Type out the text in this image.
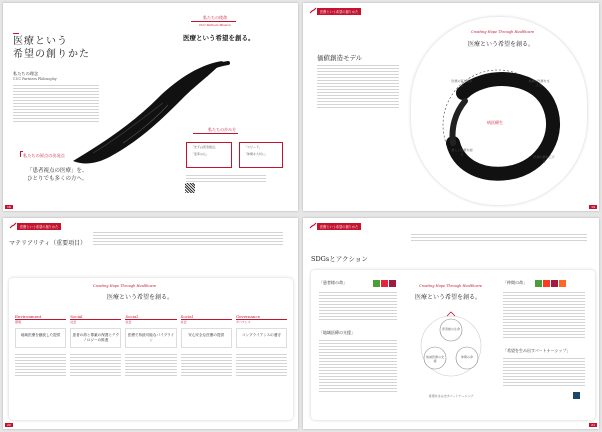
医療という
希望の創りかた
私たちの理念
CUC Partners Philosophy
私たちの使命
CUC Partners Mission
医療という希望を創る。
私たちの歩み方
「先ずは患者視点」
「変革の心」
「スピード」
「仲間を大切に」
私たちの原点の出発点
「患者視点の医療」を、
ひとりでも多くの方へ。
18
医療という希望の創りかた
価値創造モデル
Creating Hope Through Healthcare
医療という希望を創る。
病医療生
医療の質を高める
地域の医療を支える
新しい医療を創る
医療の場を広げる
19
医療という希望の創りかた
マテリアリティ（重要項目）
Creating Hope Through Healthcare
医療という希望を創る。
Environment
環境
地域医療を継続した提供
Social
社会
患者の命と尊厳の保護とテクノロジーの推進
Social
社会
医療で持続可能なパイプライン
Social
社会
安心安全な医療の提供
Governance
ガバナンス
コンプライアンスの遵守
20
医療という希望の創りかた
SDGsとアクション
「患者様の命」
「地域医療の支援」
Creating Hope Through Healthcare
医療という希望を創る。
患者様の生命
地域医療の支援
仲間の命
希望を生み出すパートナーシップ
「仲間の命」
「希望を生み出すパートナーシップ」
21
